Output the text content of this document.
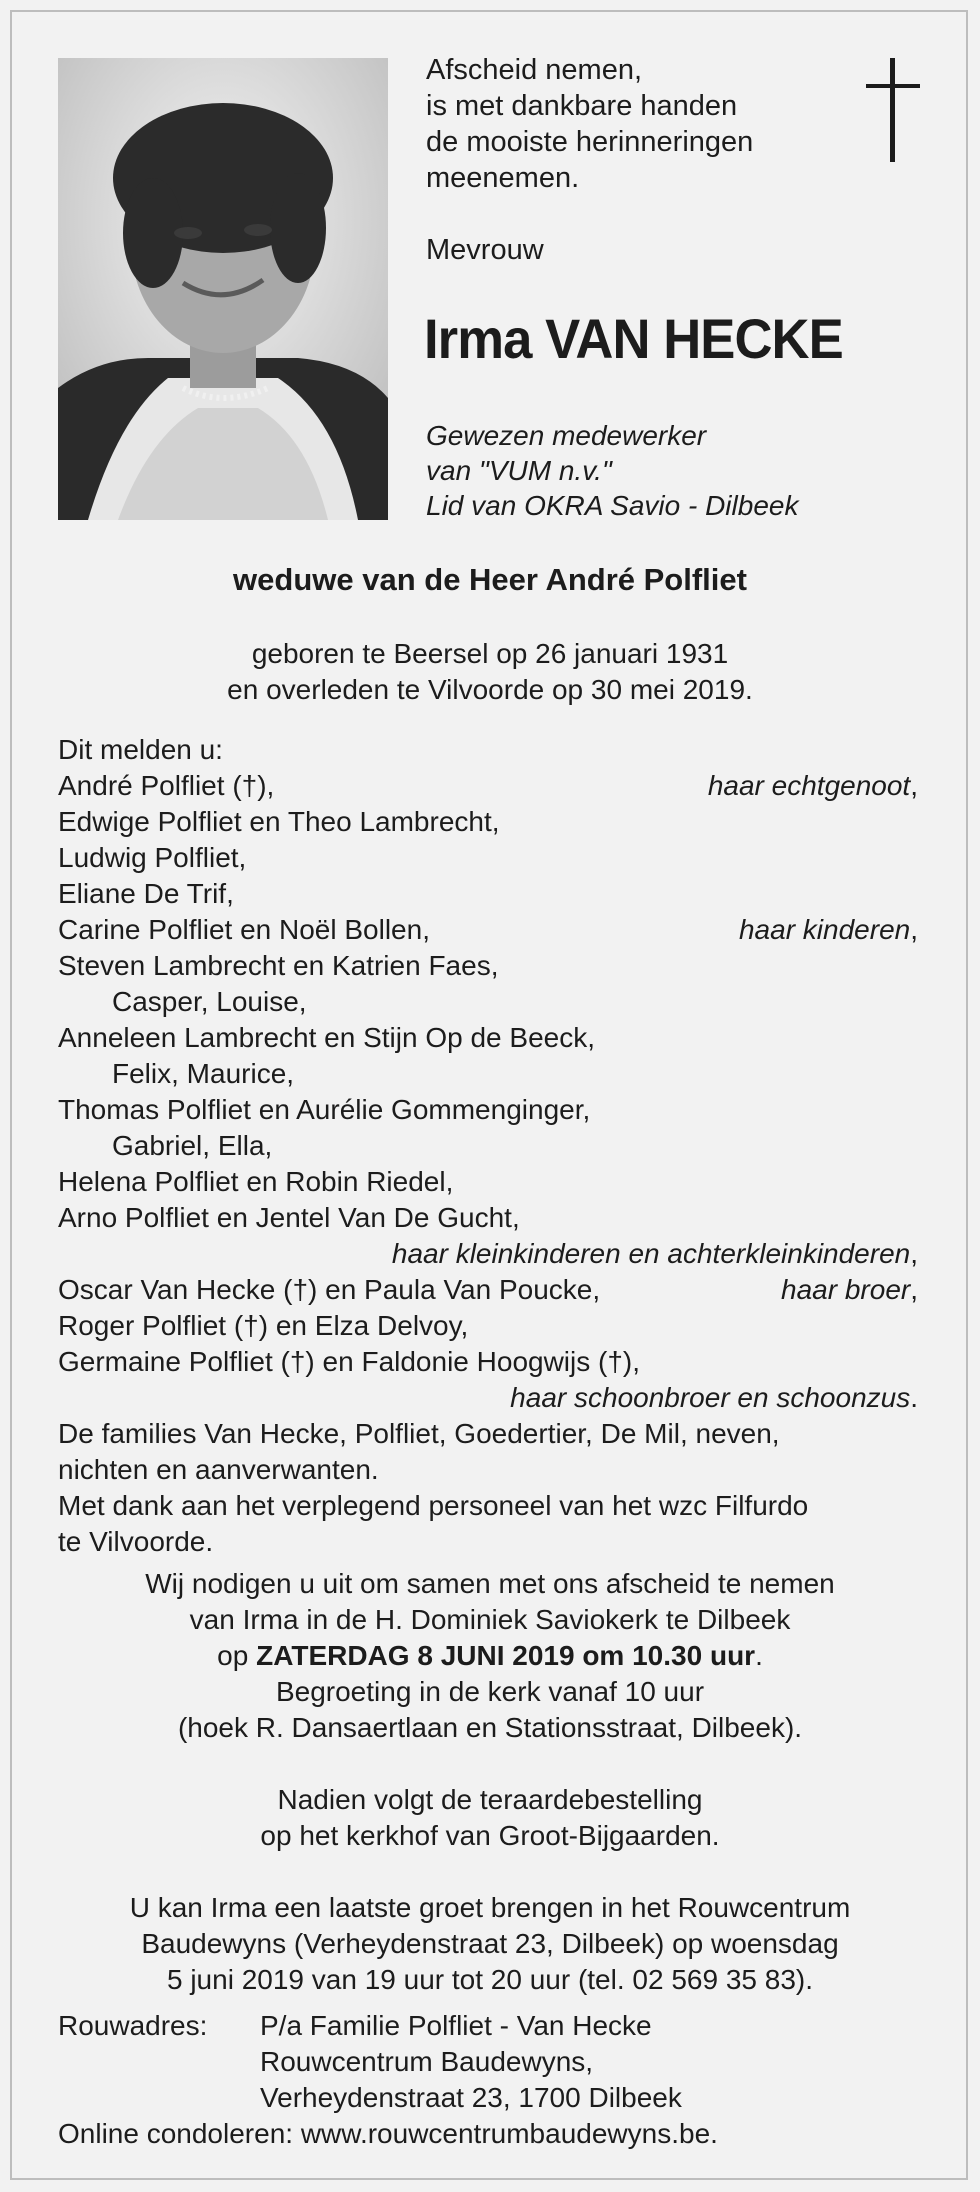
Afscheid nemen,
is met dankbare handen
de mooiste herinneringen
meenemen.
Mevrouw
Irma VAN HECKE
Gewezen medewerker
van "VUM n.v."
Lid van OKRA Savio - Dilbeek
weduwe van de Heer André Polfliet
geboren te Beersel op 26 januari 1931
en overleden te Vilvoorde op 30 mei 2019.
Dit melden u:
André Polfliet (†),	haar echtgenoot,
Edwige Polfliet en Theo Lambrecht,
Ludwig Polfliet,
Eliane De Trif,
Carine Polfliet en Noël Bollen,	haar kinderen,
Steven Lambrecht en Katrien Faes,
Casper, Louise,
Anneleen Lambrecht en Stijn Op de Beeck,
Felix, Maurice,
Thomas Polfliet en Aurélie Gommenginger,
Gabriel, Ella,
Helena Polfliet en Robin Riedel,
Arno Polfliet en Jentel Van De Gucht,
haar kleinkinderen en achterkleinkinderen,
Oscar Van Hecke (†) en Paula Van Poucke,	haar broer,
Roger Polfliet (†) en Elza Delvoy,
Germaine Polfliet (†) en Faldonie Hoogwijs (†),
haar schoonbroer en schoonzus.
De families Van Hecke, Polfliet, Goedertier, De Mil, neven,
nichten en aanverwanten.
Met dank aan het verplegend personeel van het wzc Filfurdo
te Vilvoorde.
Wij nodigen u uit om samen met ons afscheid te nemen
van Irma in de H. Dominiek Saviokerk te Dilbeek
op ZATERDAG 8 JUNI 2019 om 10.30 uur.
Begroeting in de kerk vanaf 10 uur
(hoek R. Dansaertlaan en Stationsstraat, Dilbeek).
Nadien volgt de teraardebestelling
op het kerkhof van Groot-Bijgaarden.
U kan Irma een laatste groet brengen in het Rouwcentrum
Baudewyns (Verheydenstraat 23, Dilbeek) op woensdag
5 juni 2019 van 19 uur tot 20 uur (tel. 02 569 35 83).
Rouwadres: P/a Familie Polfliet - Van Hecke
Rouwcentrum Baudewyns,
Verheydenstraat 23, 1700 Dilbeek
Online condoleren: www.rouwcentrumbaudewyns.be.
